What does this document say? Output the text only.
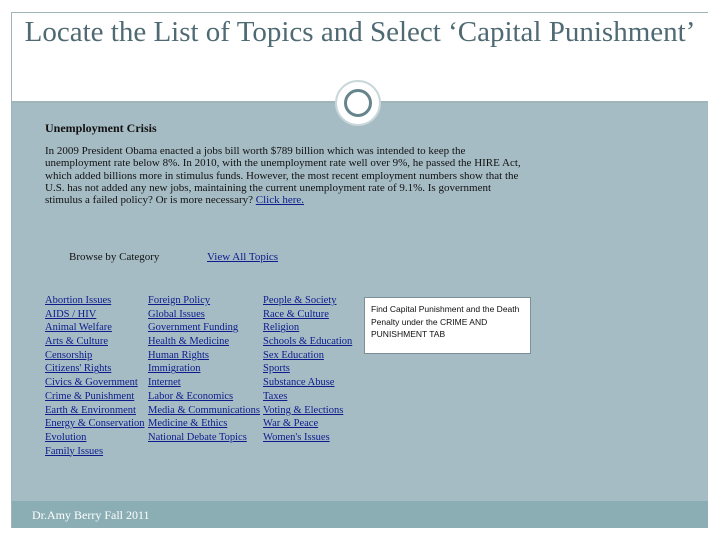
Locate the List of Topics and Select ‘Capital Punishment’
Unemployment Crisis
In 2009 President Obama enacted a jobs bill worth $789 billion which was intended to keep the unemployment rate below 8%. In 2010, with the unemployment rate well over 9%, he passed the HIRE Act, which added billions more in stimulus funds. However, the most recent employment numbers show that the U.S. has not added any new jobs, maintaining the current unemployment rate of 9.1%. Is government stimulus a failed policy? Or is more necessary? Click here.
Browse by Category	View All Topics
Abortion Issues
AIDS / HIV
Animal Welfare
Arts & Culture
Censorship
Citizens' Rights
Civics & Government
Crime & Punishment
Earth & Environment
Energy & Conservation
Evolution
Family Issues
Foreign Policy
Global Issues
Government Funding
Health & Medicine
Human Rights
Immigration
Internet
Labor & Economics
Media & Communications
Medicine & Ethics
National Debate Topics
People & Society
Race & Culture
Religion
Schools & Education
Sex Education
Sports
Substance Abuse
Taxes
Voting & Elections
War & Peace
Women's Issues
Find Capital Punishment and the Death Penalty under the CRIME AND PUNISHMENT TAB
Dr.Amy Berry Fall 2011
